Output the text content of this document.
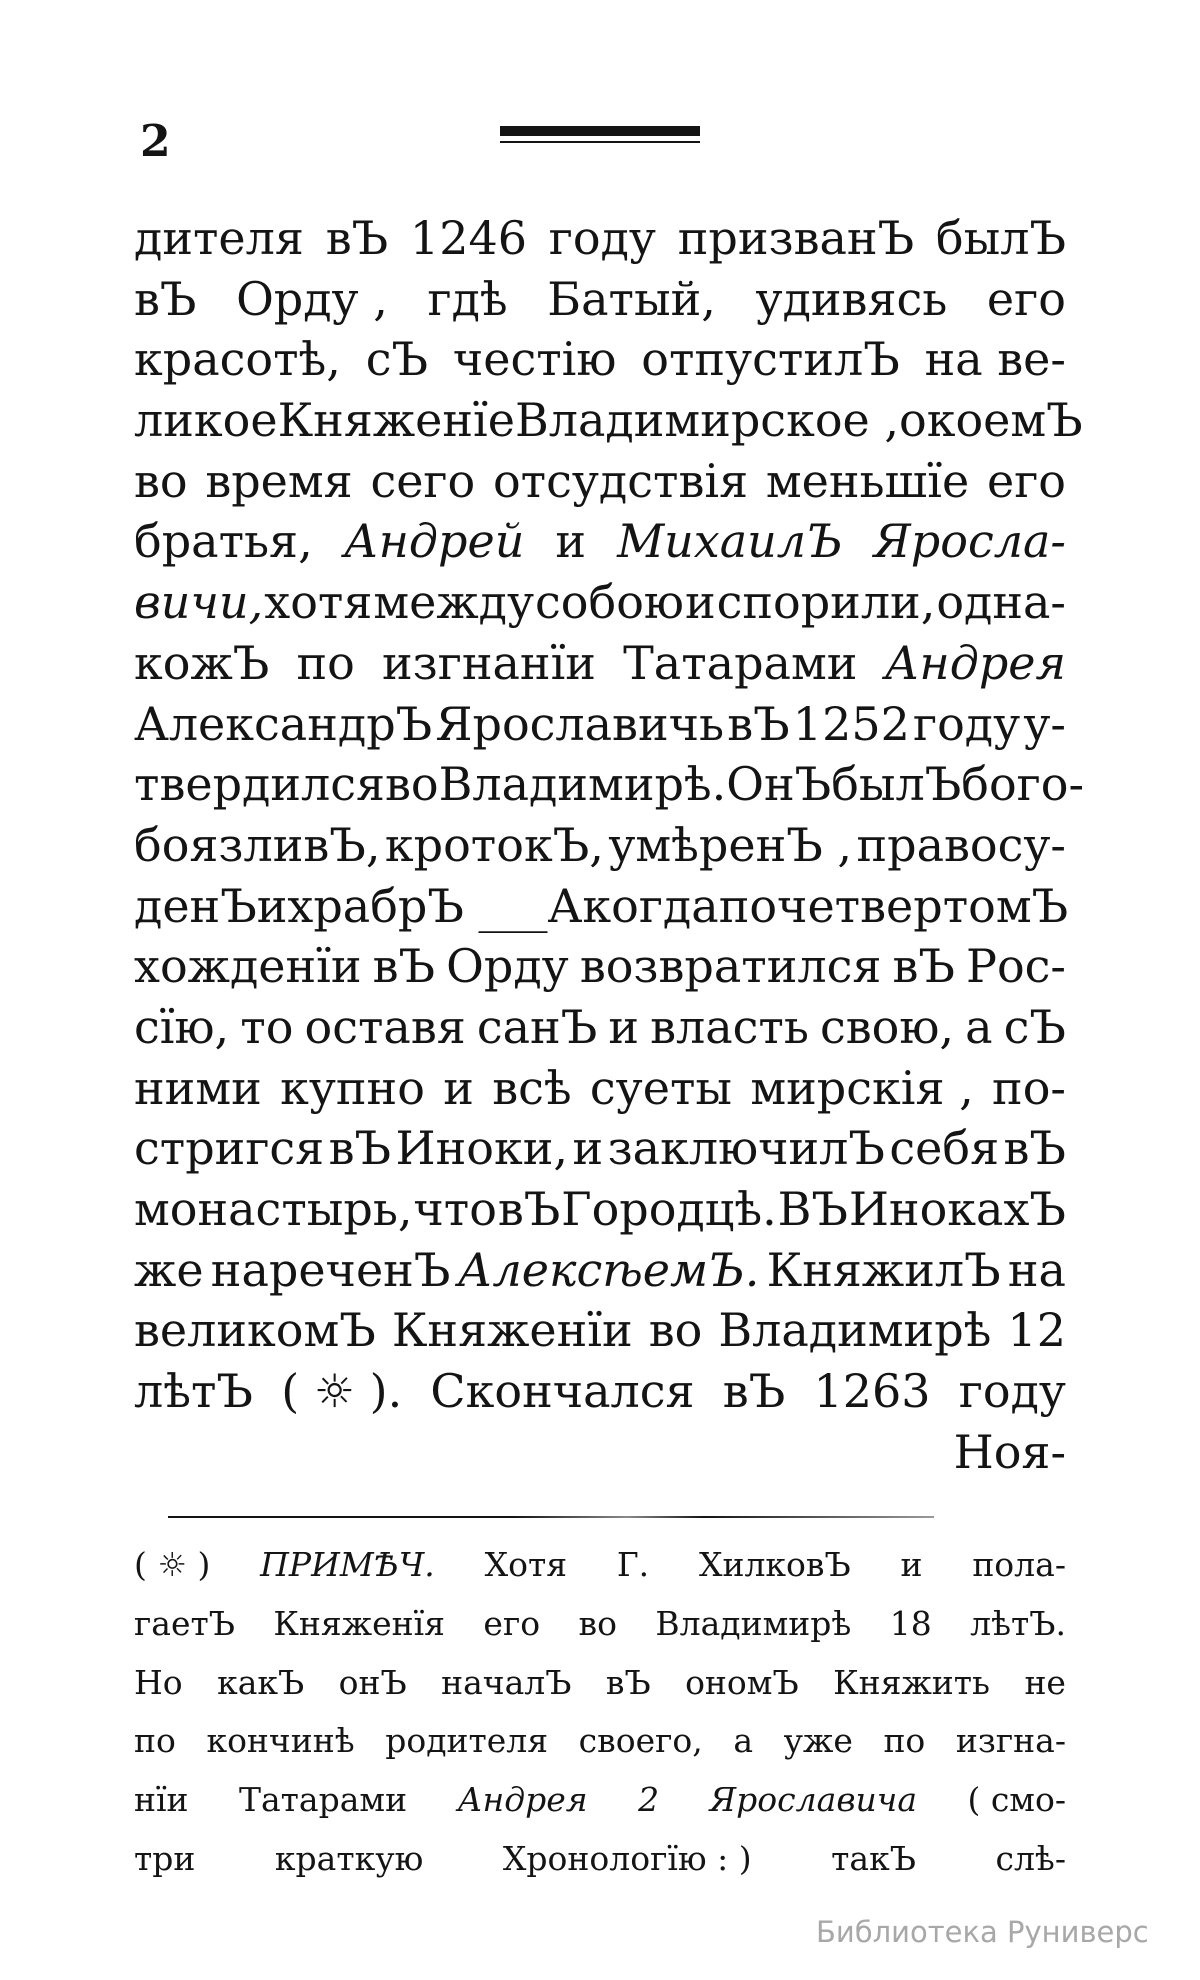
2
дителя вЪ 1246 году призванЪ былЪ
вЪ Орду , гдѣ Батый, удивясь его
красотѣ, сЪ честію отпустилЪ на ве-
ликое Княженїе Владимирское , о коемЪ
во время сего отсудствія меньшїе его
братья, Андрей и МихаилЪ Яросла-
вичи, хотя между собою и спорили, одна-
кожЪ по изгнанїи Татарами Андрея
АлександрЪ Ярославичь вЪ 1252 году у-
твердился во Владимирѣ. ОнЪ былЪ бого-
боязливЪ, кротокЪ, умѣренЪ , правосу-
денЪ и храбрЪ ___ А когда по четвертомЪ
хожденїи вЪ Орду возвратился вЪ Рос-
сїю, то оставя санЪ и власть свою, а сЪ
ними купно и всѣ суеты мирскія , по-
стригся вЪ Иноки, и заключилЪ себя вЪ
монастырь, что вЪ Городцѣ. ВЪ ИнокахЪ
же нареченЪ АлексѣемЪ. КняжилЪ на
великомЪ Княженїи во Владимирѣ 12
лѣтЪ ( ☼ ). Скончался вЪ 1263 году
Ноя-
( ☼ ) ПРИМѢЧ. Хотя Г. ХилковЪ и пола-
гаетЪ Княженїя его во Владимирѣ 18 лѣтЪ.
Но какЪ онЪ началЪ вЪ ономЪ Княжить не
по кончинѣ родителя своего, а уже по изгна-
нїи Татарами Андрея 2 Ярославича ( смо-
три краткую Хронологїю : ) такЪ слѣ-
Библиотека Руниверс
